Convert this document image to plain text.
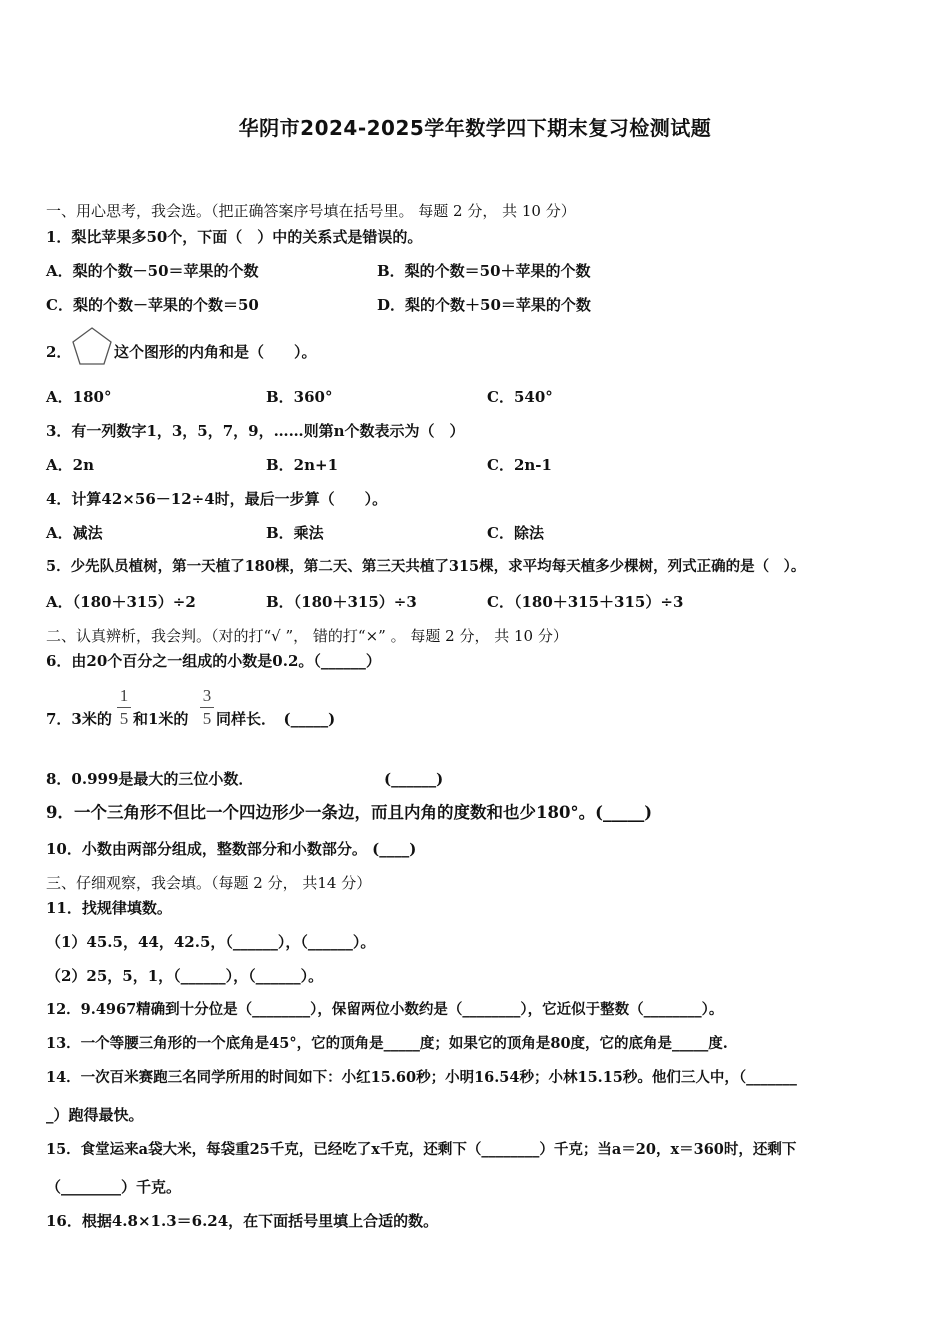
华阴市2024-2025学年数学四下期末复习检测试题
一、用心思考，我会选。（把正确答案序号填在括号里。 每题 2 分， 共 10 分）
1．梨比苹果多50个，下面（　）中的关系式是错误的。
A．梨的个数－50＝苹果的个数	B．梨的个数＝50＋苹果的个数
C．梨的个数－苹果的个数＝50	D．梨的个数＋50＝苹果的个数
2．	这个图形的内角和是（　　）。
A．180°	B．360°	C．540°
3．有一列数字1，3，5，7，9，……则第n个数表示为（　）
A．2n	B．2n+1	C．2n-1
4．计算42×56－12÷4时，最后一步算（　　）。
A．减法	B．乘法	C．除法
5．少先队员植树，第一天植了180棵，第二天、第三天共植了315棵，求平均每天植多少棵树，列式正确的是（　）。
A．（180＋315）÷2	B．（180＋315）÷3	C．（180＋315＋315）÷3
二、认真辨析，我会判。（对的打“√ ”， 错的打“×” 。 每题 2 分， 共 10 分）
6．由20个百分之一组成的小数是0.2。（______）
7．3米的
1
5 和1米的
3
5 同样长．　(_____)
8．0.999是最大的三位小数．	(______)
9．一个三角形不但比一个四边形少一条边，而且内角的度数和也少180°。(_____)
10．小数由两部分组成，整数部分和小数部分。 (____)
三、仔细观察，我会填。（每题 2 分， 共14 分）
11．找规律填数。
（1）45.5，44，42.5，（______），（______）。
（2）25，5，1，（______），（______）。
12．9.4967精确到十分位是（________），保留两位小数约是（________），它近似于整数（________）。
13．一个等腰三角形的一个底角是45°，它的顶角是_____度；如果它的顶角是80度，它的底角是_____度.
14．一次百米赛跑三名同学所用的时间如下：小红15.60秒；小明16.54秒；小林15.15秒。他们三人中，（_______
_）跑得最快。
15．食堂运来a袋大米，每袋重25千克，已经吃了x千克，还剩下（________）千克；当a＝20，x＝360时，还剩下
（________）千克。
16．根据4.8×1.3＝6.24，在下面括号里填上合适的数。
